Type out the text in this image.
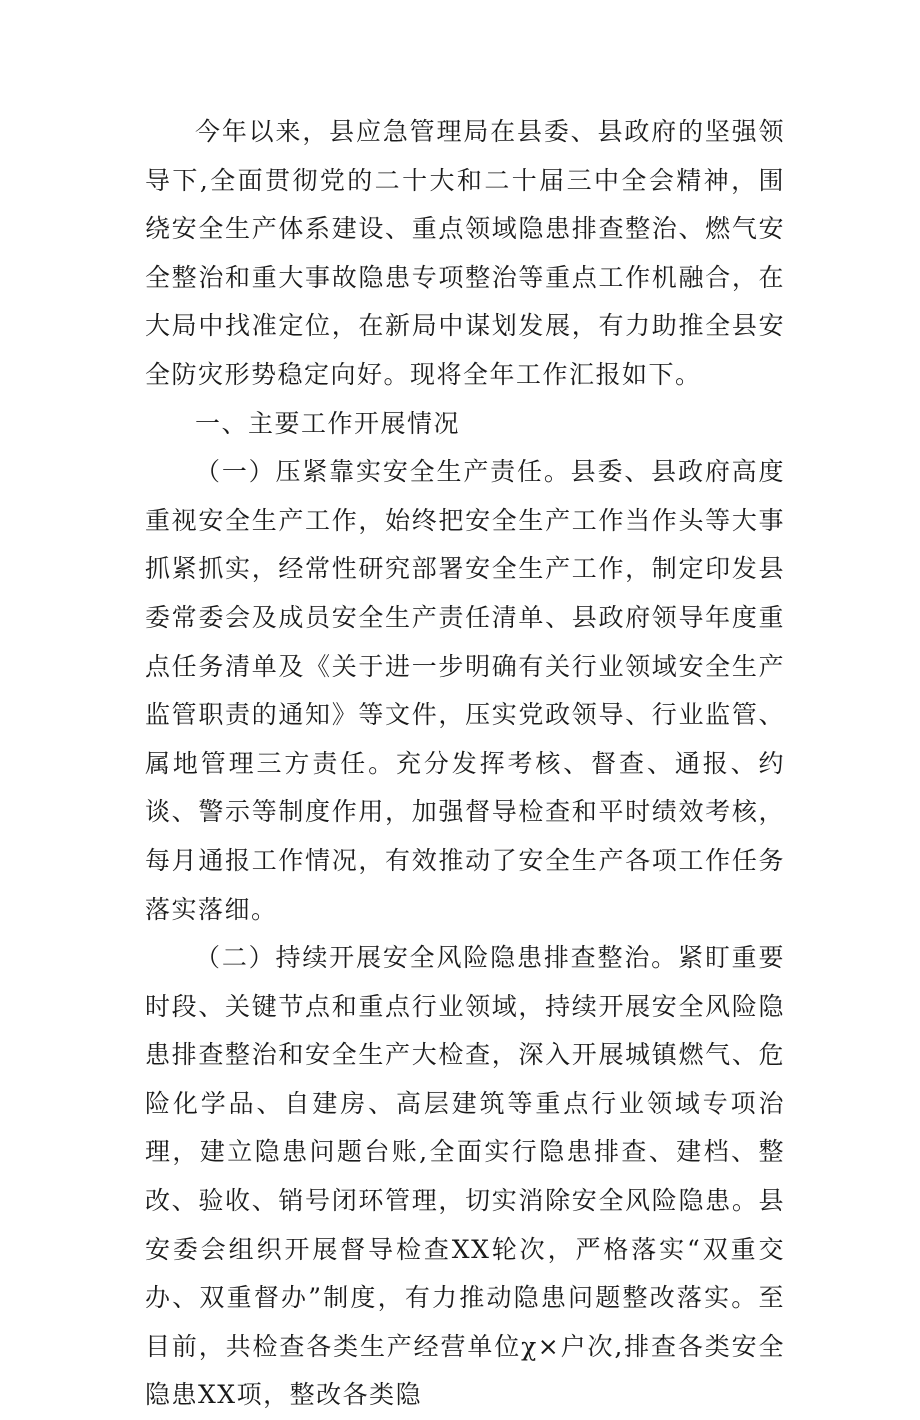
今年以来，县应急管理局在县委、县政府的坚强领导下,全面贯彻党的二十大和二十届三中全会精神，围绕安全生产体系建设、重点领域隐患排查整治、燃气安全整治和重大事故隐患专项整治等重点工作机融合，在大局中找准定位，在新局中谋划发展，有力助推全县安全防灾形势稳定向好。现将全年工作汇报如下。

一、主要工作开展情况

（一）压紧靠实安全生产责任。县委、县政府高度重视安全生产工作，始终把安全生产工作当作头等大事抓紧抓实，经常性研究部署安全生产工作，制定印发县委常委会及成员安全生产责任清单、县政府领导年度重点任务清单及《关于进一步明确有关行业领域安全生产监管职责的通知》等文件，压实党政领导、行业监管、属地管理三方责任。充分发挥考核、督查、通报、约谈、警示等制度作用，加强督导检查和平时绩效考核，每月通报工作情况，有效推动了安全生产各项工作任务落实落细。

（二）持续开展安全风险隐患排查整治。紧盯重要时段、关键节点和重点行业领域，持续开展安全风险隐患排查整治和安全生产大检查，深入开展城镇燃气、危险化学品、自建房、高层建筑等重点行业领域专项治理，建立隐患问题台账,全面实行隐患排查、建档、整改、验收、销号闭环管理，切实消除安全风险隐患。县安委会组织开展督导检查XX轮次，严格落实“双重交办、双重督办”制度，有力推动隐患问题整改落实。至目前，共检查各类生产经营单位χ×户次,排查各类安全隐患XX项，整改各类隐
